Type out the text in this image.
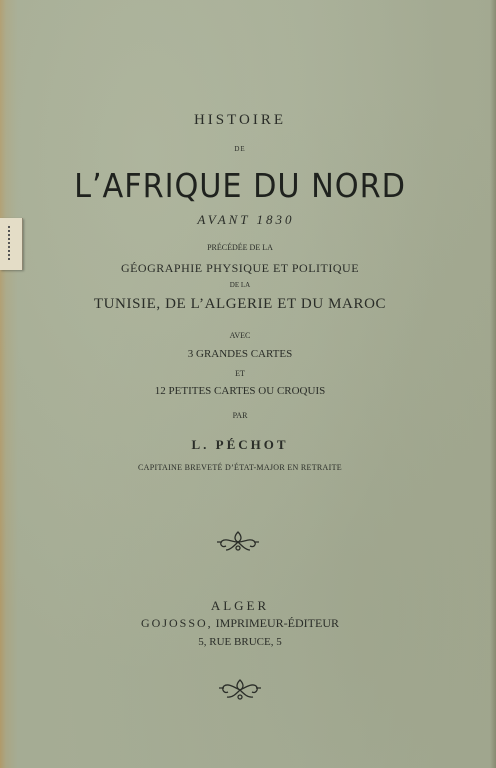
HISTOIRE

DE

L’AFRIQUE DU NORD

AVANT 1830

PRÉCÉDÉE DE LA

GÉOGRAPHIE PHYSIQUE ET POLITIQUE

DE LA

TUNISIE, DE L’ALGERIE ET DU MAROC

AVEC

3 GRANDES CARTES

ET

12 PETITES CARTES OU CROQUIS

PAR

L. PÉCHOT

CAPITAINE BREVETÉ D’ÉTAT-MAJOR EN RETRAITE

ALGER

GOJOSSO, IMPRIMEUR-ÉDITEUR

5, RUE BRUCE, 5
